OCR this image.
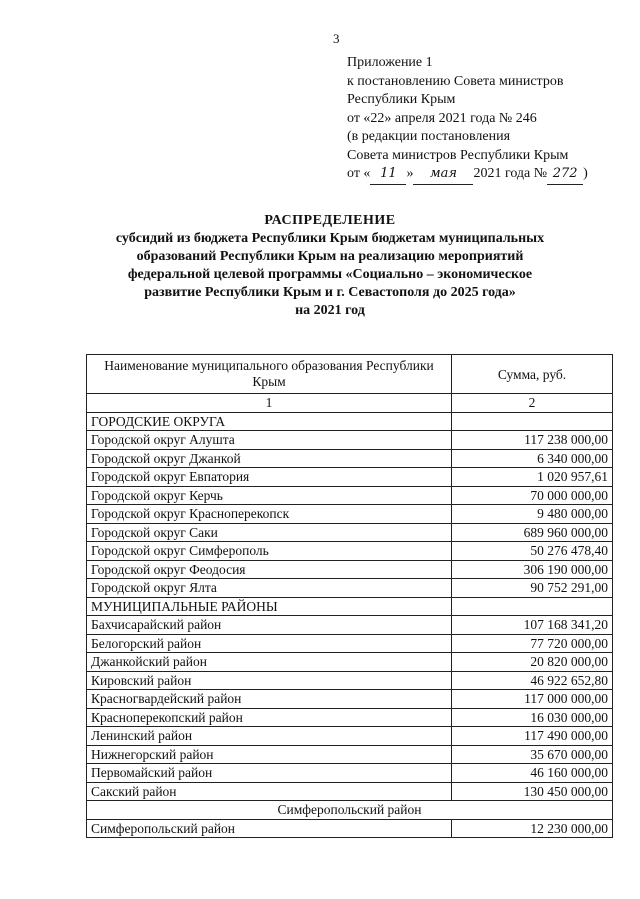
3
Приложение 1
к постановлению Совета министров
Республики Крым
от «22» апреля 2021 года № 246
(в редакции постановления
Совета министров Республики Крым
от « 11 » мая 2021 года № 272 )
РАСПРЕДЕЛЕНИЕ
субсидий из бюджета Республики Крым бюджетам муниципальных
образований Республики Крым на реализацию мероприятий
федеральной целевой программы «Социально – экономическое
развитие Республики Крым и г. Севастополя до 2025 года»
на 2021 год
Наименование муниципального образования Республики Крым	Сумма, руб.
1	2
ГОРОДСКИЕ ОКРУГА	
Городской округ Алушта	117 238 000,00
Городской округ Джанкой	6 340 000,00
Городской округ Евпатория	1 020 957,61
Городской округ Керчь	70 000 000,00
Городской округ Красноперекопск	9 480 000,00
Городской округ Саки	689 960 000,00
Городской округ Симферополь	50 276 478,40
Городской округ Феодосия	306 190 000,00
Городской округ Ялта	90 752 291,00
МУНИЦИПАЛЬНЫЕ РАЙОНЫ	
Бахчисарайский район	107 168 341,20
Белогорский район	77 720 000,00
Джанкойский район	20 820 000,00
Кировский район	46 922 652,80
Красногвардейский район	117 000 000,00
Красноперекопский район	16 030 000,00
Ленинский район	117 490 000,00
Нижнегорский район	35 670 000,00
Первомайский район	46 160 000,00
Сакский район	130 450 000,00
Симферопольский район	
Симферопольский район	12 230 000,00
